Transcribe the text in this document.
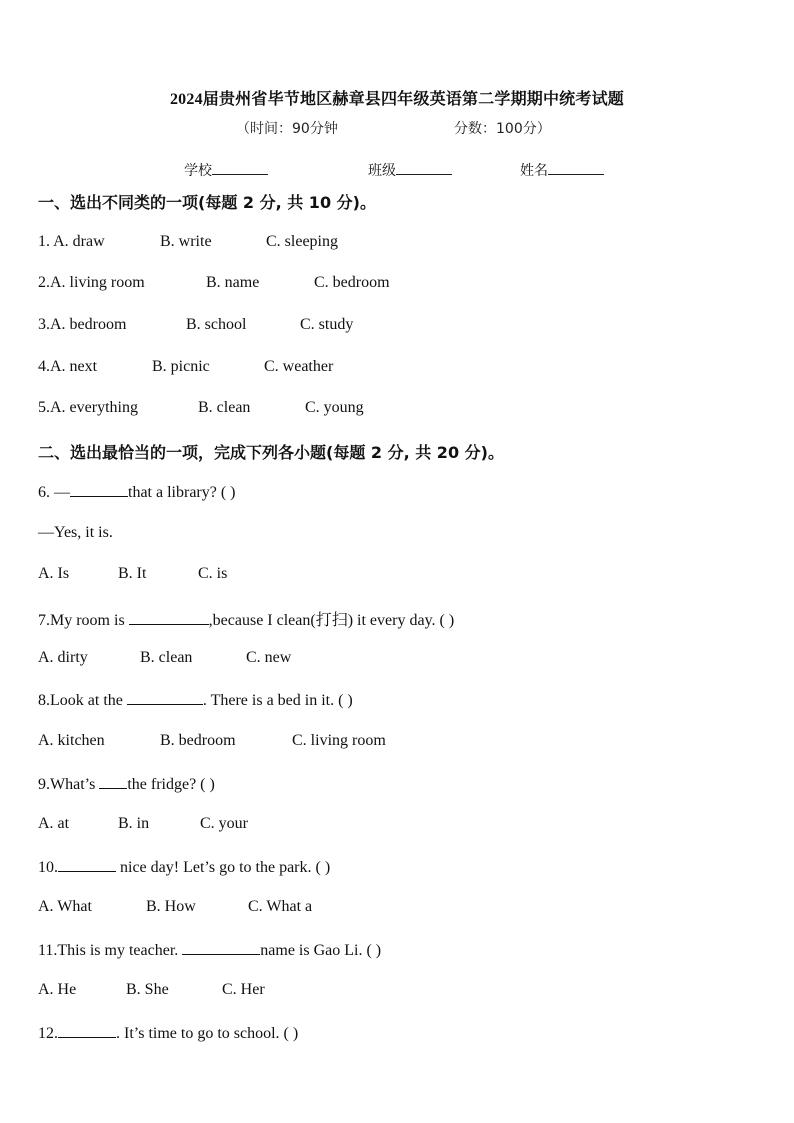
2024届贵州省毕节地区赫章县四年级英语第二学期期中统考试题
（时间：90分钟	分数：100分）
学校	班级	姓名
一、选出不同类的一项(每题 2 分, 共 10 分)。
1. A. draw	B. write	C. sleeping
2.A. living room	B. name	C. bedroom
3.A. bedroom	B. school	C. study
4.A. next	B. picnic	C. weather
5.A. everything	B. clean	C. young
二、选出最恰当的一项，完成下列各小题(每题 2 分, 共 20 分)。
6. —	that a library? ( )
—Yes, it is.
A. Is	B. It	C. is
7.My room is	,because I clean(打扫) it every day. ( )
A. dirty	B. clean	C. new
8.Look at the	. There is a bed in it. ( )
A. kitchen	B. bedroom	C. living room
9.What’s the fridge? ( )
A. at	B. in	C. your
10.	nice day! Let’s go to the park. ( )
A. What	B. How	C. What a
11.This is my teacher.	name is Gao Li. ( )
A. He	B. She	C. Her
12.	. It’s time to go to school. ( )
